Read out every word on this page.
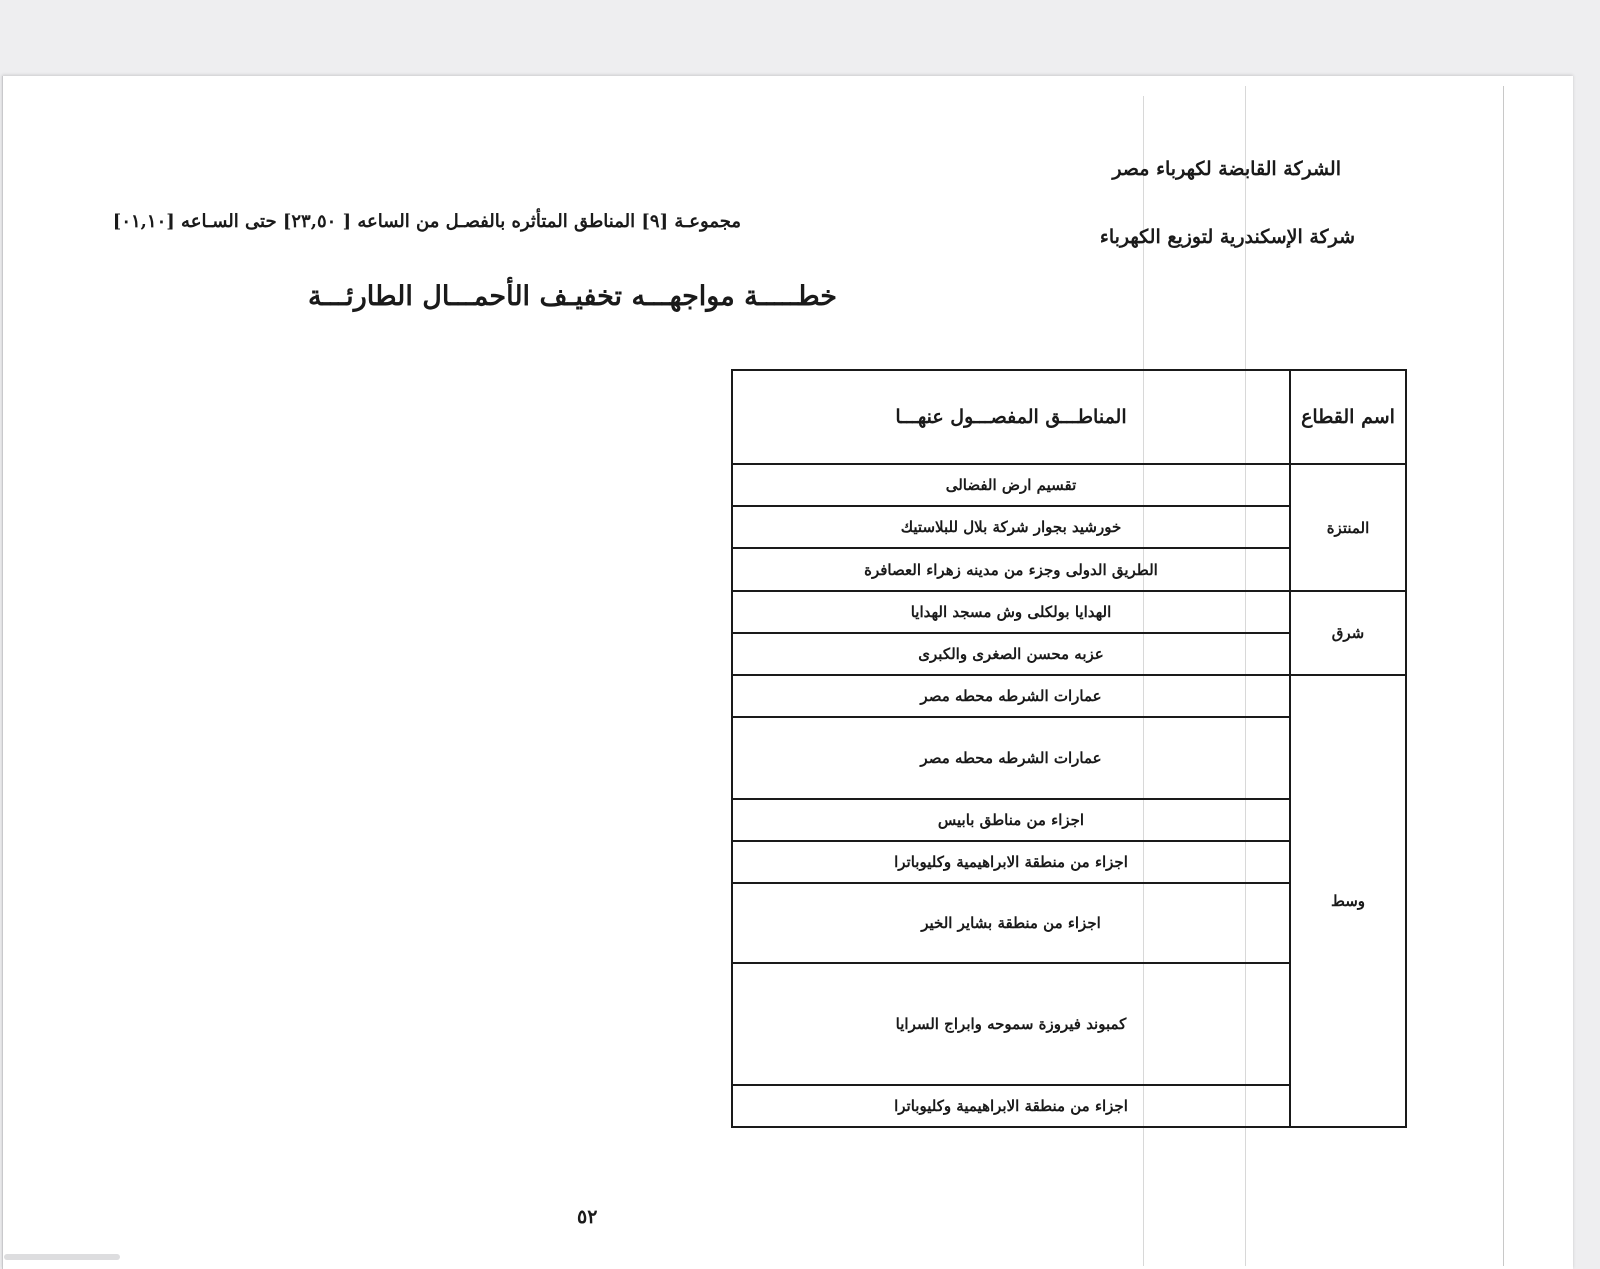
الشركة القابضة لكهرباء مصر
شركة الإسكندرية لتوزيع الكهرباء
مجموعـة [٩] المناطق المتأثره بالفصـل من الساعه [ ٢٣,٥٠] حتى السـاعه [٠١,١٠]
خطـــــة مواجهـــه تخفيـف الأحمـــال الطارئـــة
اسم القطاع	المناطـــق المفصـــول عنهـــا
المنتزة	تقسيم ارض الفضالى
	خورشيد بجوار شركة بلال للبلاستيك
	الطريق الدولى وجزء من مدينه زهراء العصافرة
شرق	الهدايا بولكلى وش مسجد الهدايا
	عزبه محسن الصغرى والكبرى
وسط	عمارات الشرطه محطه مصر
	عمارات الشرطه محطه مصر
	اجزاء من مناطق بابيس
	اجزاء من منطقة الابراهيمية وكليوباترا
	اجزاء من منطقة بشاير الخير
	كمبوند فيروزة سموحه وابراج السرايا
	اجزاء من منطقة الابراهيمية وكليوباترا
٥٢
